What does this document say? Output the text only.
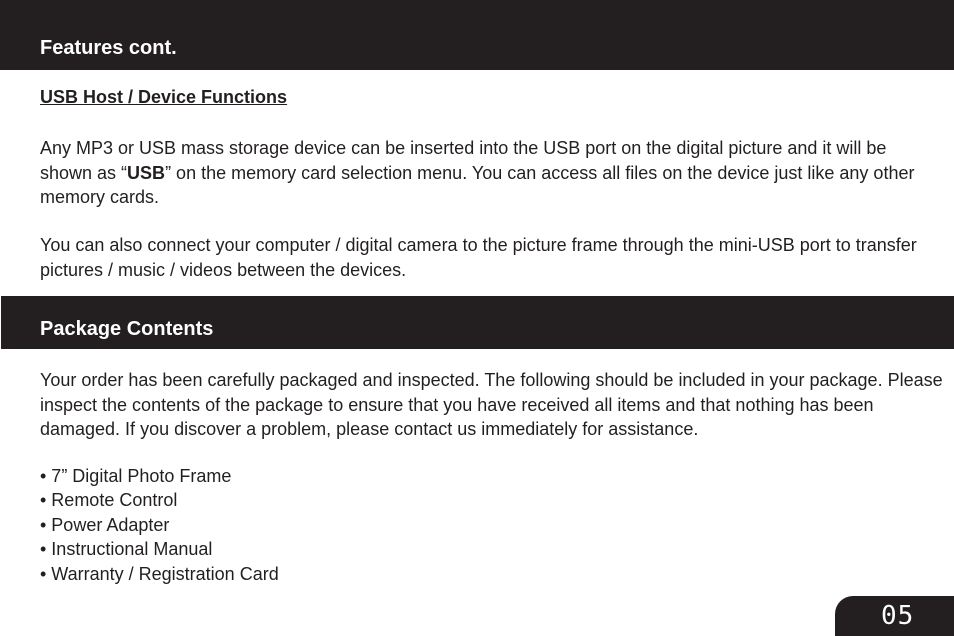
Features cont.
USB Host / Device Functions

Any MP3 or USB mass storage device can be inserted into the USB port on the digital picture and it will be shown as “USB” on the memory card selection menu. You can access all files on the device just like any other memory cards.

You can also connect your computer / digital camera to the picture frame through the mini-USB port to transfer pictures / music / videos between the devices.

Package Contents

Your order has been carefully packaged and inspected. The following should be included in your package. Please inspect the contents of the package to ensure that you have received all items and that nothing has been damaged. If you discover a problem, please contact us immediately for assistance.

• 7” Digital Photo Frame
• Remote Control
• Power Adapter
• Instructional Manual
• Warranty / Registration Card
05
